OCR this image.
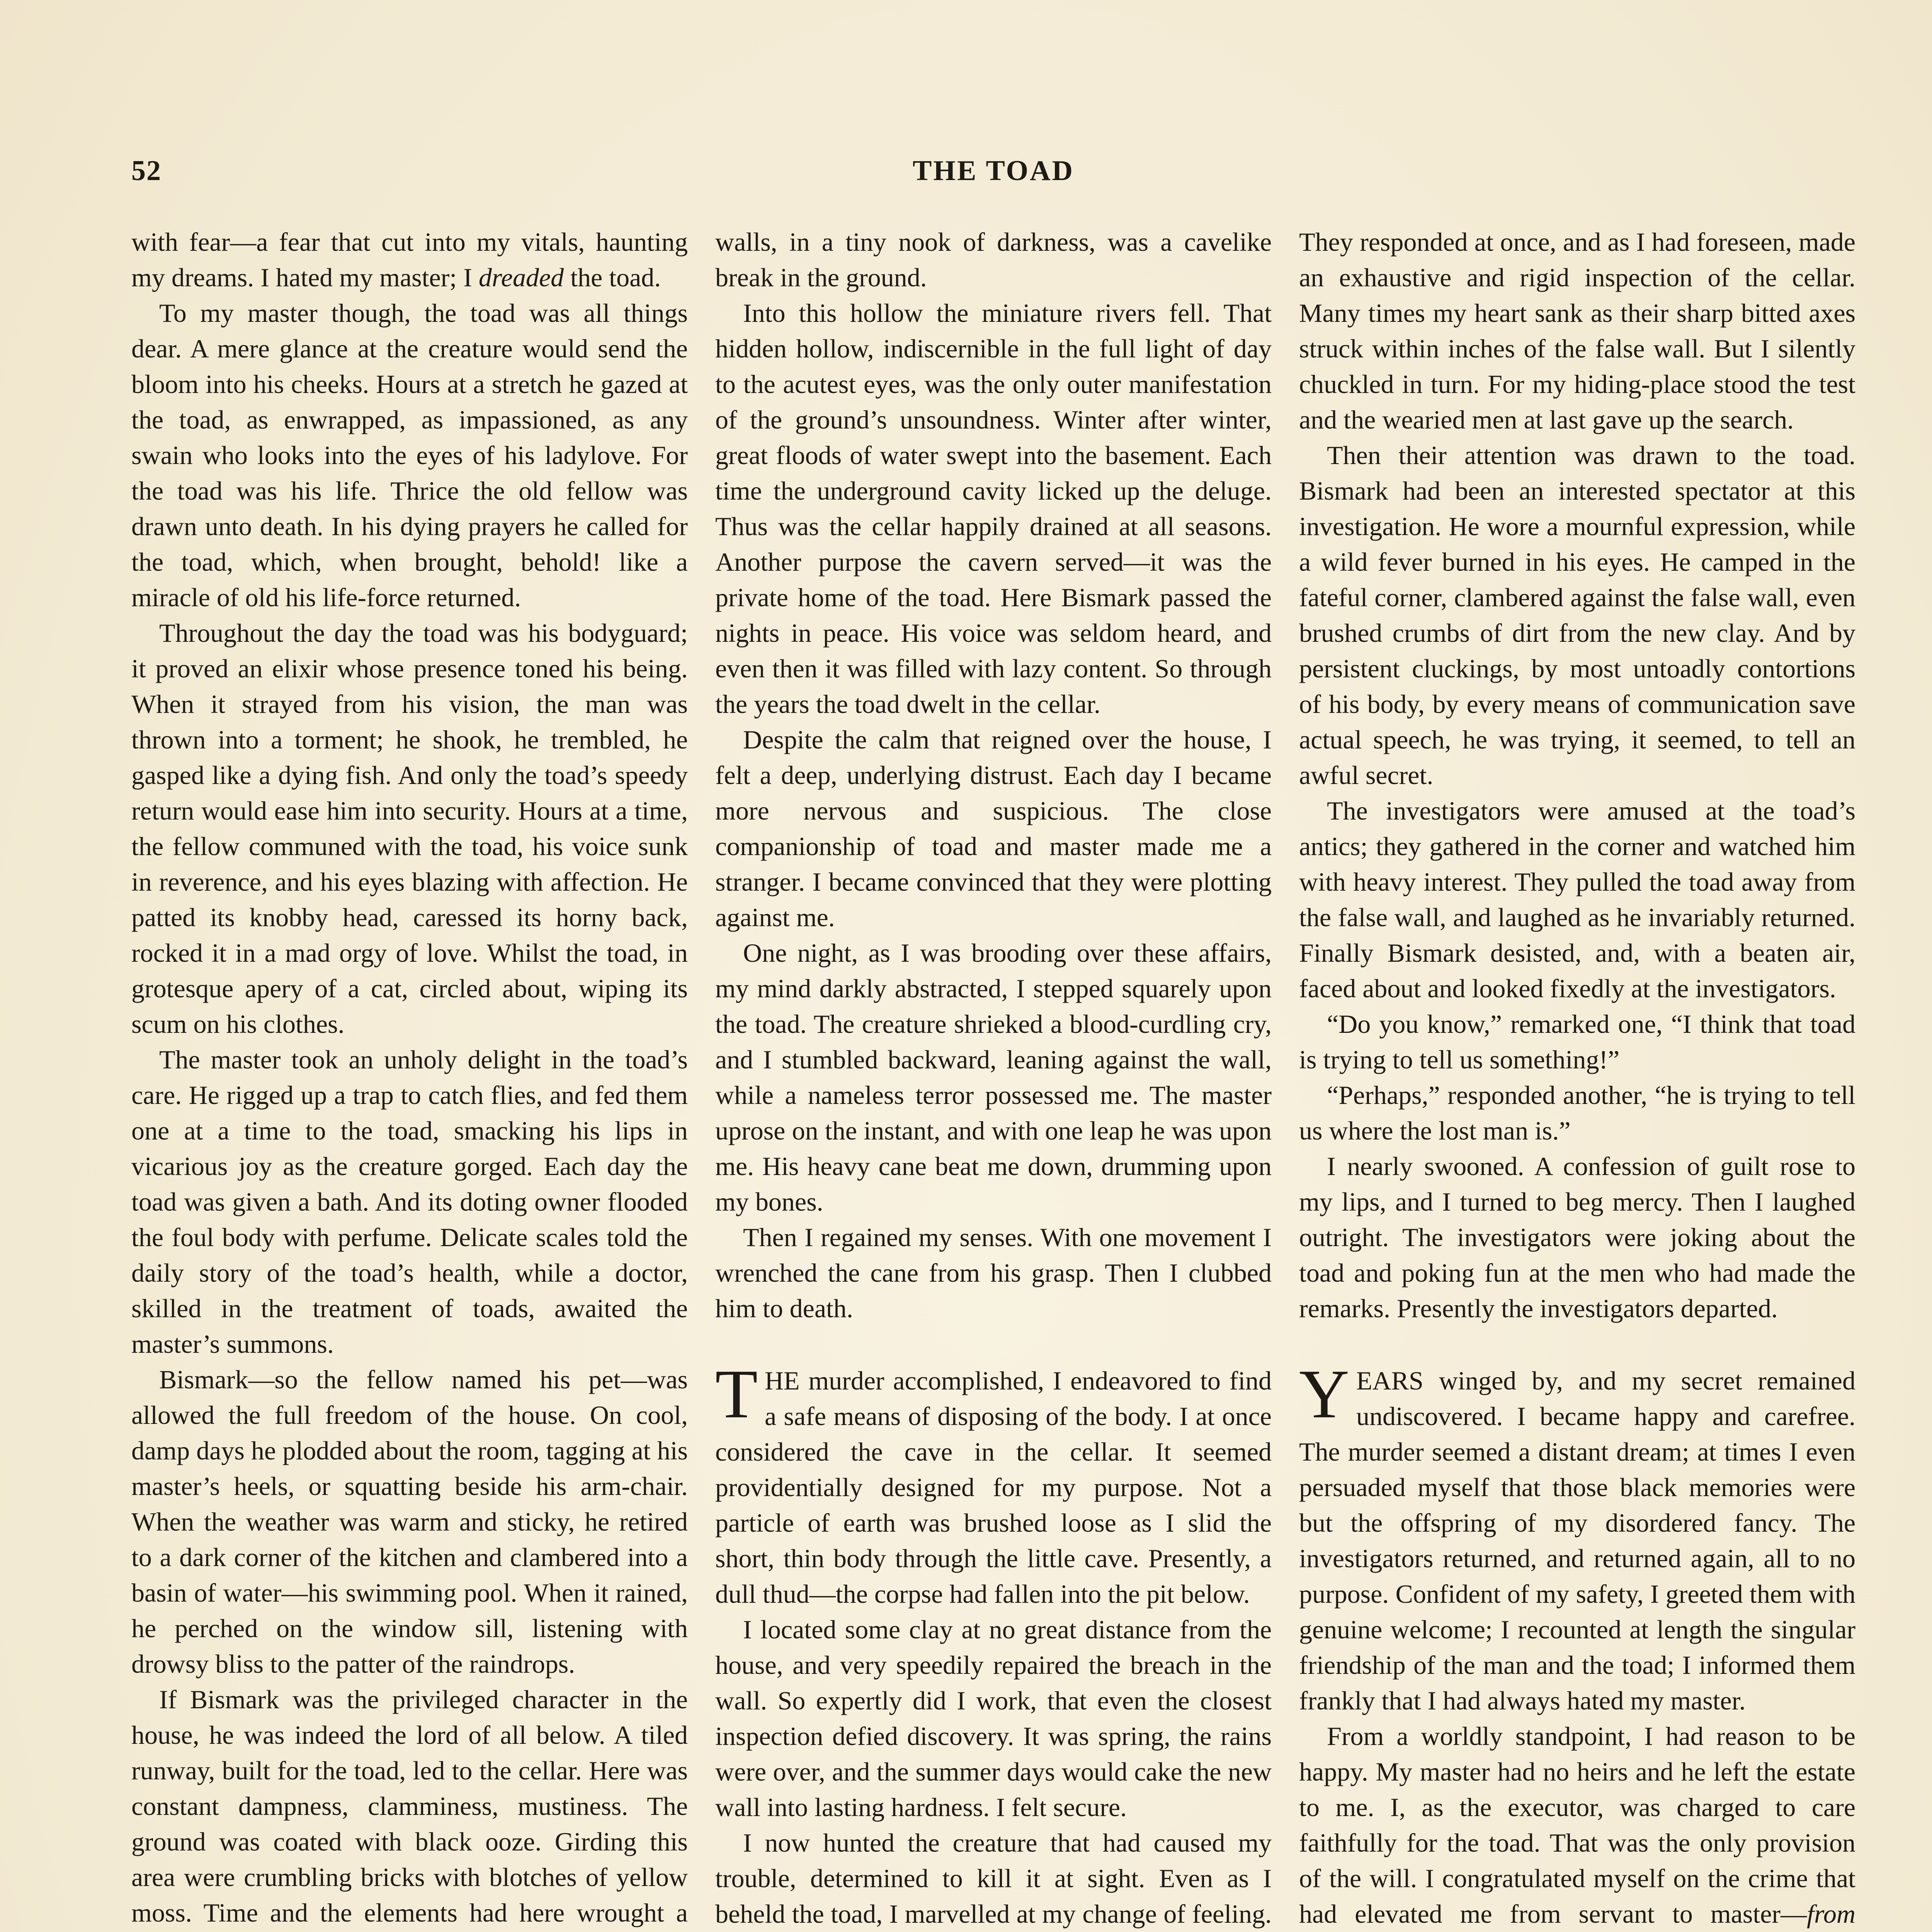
52	THE TOAD

with fear—a fear that cut into my vitals, haunting my dreams. I hated my master; I dreaded the toad.

To my master though, the toad was all things dear. A mere glance at the creature would send the bloom into his cheeks. Hours at a stretch he gazed at the toad, as enwrapped, as impassioned, as any swain who looks into the eyes of his ladylove. For the toad was his life. Thrice the old fellow was drawn unto death. In his dying prayers he called for the toad, which, when brought, behold! like a miracle of old his life-force returned.

Throughout the day the toad was his bodyguard; it proved an elixir whose presence toned his being. When it strayed from his vision, the man was thrown into a torment; he shook, he trembled, he gasped like a dying fish. And only the toad’s speedy return would ease him into security. Hours at a time, the fellow communed with the toad, his voice sunk in reverence, and his eyes blazing with affection. He patted its knobby head, caressed its horny back, rocked it in a mad orgy of love. Whilst the toad, in grotesque apery of a cat, circled about, wiping its scum on his clothes.

The master took an unholy delight in the toad’s care. He rigged up a trap to catch flies, and fed them one at a time to the toad, smacking his lips in vicarious joy as the creature gorged. Each day the toad was given a bath. And its doting owner flooded the foul body with perfume. Delicate scales told the daily story of the toad’s health, while a doctor, skilled in the treatment of toads, awaited the master’s summons.

Bismark—so the fellow named his pet—was allowed the full freedom of the house. On cool, damp days he plodded about the room, tagging at his master’s heels, or squatting beside his arm-chair. When the weather was warm and sticky, he retired to a dark corner of the kitchen and clambered into a basin of water—his swimming pool. When it rained, he perched on the window sill, listening with drowsy bliss to the patter of the raindrops.

If Bismark was the privileged character in the house, he was indeed the lord of all below. A tiled runway, built for the toad, led to the cellar. Here was constant dampness, clamminess, mustiness. The ground was coated with black ooze. Girding this area were crumbling bricks with blotches of yellow moss. Time and the elements had here wrought a

walls, in a tiny nook of darkness, was a cavelike break in the ground.

Into this hollow the miniature rivers fell. That hidden hollow, indiscernible in the full light of day to the acutest eyes, was the only outer manifestation of the ground’s unsoundness. Winter after winter, great floods of water swept into the basement. Each time the underground cavity licked up the deluge. Thus was the cellar happily drained at all seasons. Another purpose the cavern served—it was the private home of the toad. Here Bismark passed the nights in peace. His voice was seldom heard, and even then it was filled with lazy content. So through the years the toad dwelt in the cellar.

Despite the calm that reigned over the house, I felt a deep, underlying distrust. Each day I became more nervous and suspicious. The close companionship of toad and master made me a stranger. I became convinced that they were plotting against me.

One night, as I was brooding over these affairs, my mind darkly abstracted, I stepped squarely upon the toad. The creature shrieked a blood-curdling cry, and I stumbled backward, leaning against the wall, while a nameless terror possessed me. The master uprose on the instant, and with one leap he was upon me. His heavy cane beat me down, drumming upon my bones.

Then I regained my senses. With one movement I wrenched the cane from his grasp. Then I clubbed him to death.

THE murder accomplished, I endeavored to find a safe means of disposing of the body. I at once considered the cave in the cellar. It seemed providentially designed for my purpose. Not a particle of earth was brushed loose as I slid the short, thin body through the little cave. Presently, a dull thud—the corpse had fallen into the pit below.

I located some clay at no great distance from the house, and very speedily repaired the breach in the wall. So expertly did I work, that even the closest inspection defied discovery. It was spring, the rains were over, and the summer days would cake the new wall into lasting hardness. I felt secure.

I now hunted the creature that had caused my trouble, determined to kill it at sight. Even as I beheld the toad, I marvelled at my change of feeling.

They responded at once, and as I had foreseen, made an exhaustive and rigid inspection of the cellar. Many times my heart sank as their sharp bitted axes struck within inches of the false wall. But I silently chuckled in turn. For my hiding-place stood the test and the wearied men at last gave up the search.

Then their attention was drawn to the toad. Bismark had been an interested spectator at this investigation. He wore a mournful expression, while a wild fever burned in his eyes. He camped in the fateful corner, clambered against the false wall, even brushed crumbs of dirt from the new clay. And by persistent cluckings, by most untoadly contortions of his body, by every means of communication save actual speech, he was trying, it seemed, to tell an awful secret.

The investigators were amused at the toad’s antics; they gathered in the corner and watched him with heavy interest. They pulled the toad away from the false wall, and laughed as he invariably returned. Finally Bismark desisted, and, with a beaten air, faced about and looked fixedly at the investigators.

“Do you know,” remarked one, “I think that toad is trying to tell us something!”

“Perhaps,” responded another, “he is trying to tell us where the lost man is.”

I nearly swooned. A confession of guilt rose to my lips, and I turned to beg mercy. Then I laughed outright. The investigators were joking about the toad and poking fun at the men who had made the remarks. Presently the investigators departed.

YEARS winged by, and my secret remained undiscovered. I became happy and carefree. The murder seemed a distant dream; at times I even persuaded myself that those black memories were but the offspring of my disordered fancy. The investigators returned, and returned again, all to no purpose. Confident of my safety, I greeted them with genuine welcome; I recounted at length the singular friendship of the man and the toad; I informed them frankly that I had always hated my master.

From a worldly standpoint, I had reason to be happy. My master had no heirs and he left the estate to me. I, as the executor, was charged to care faithfully for the toad. That was the only provision of the will. I congratulated myself on the crime that had elevated me from servant to master—from
